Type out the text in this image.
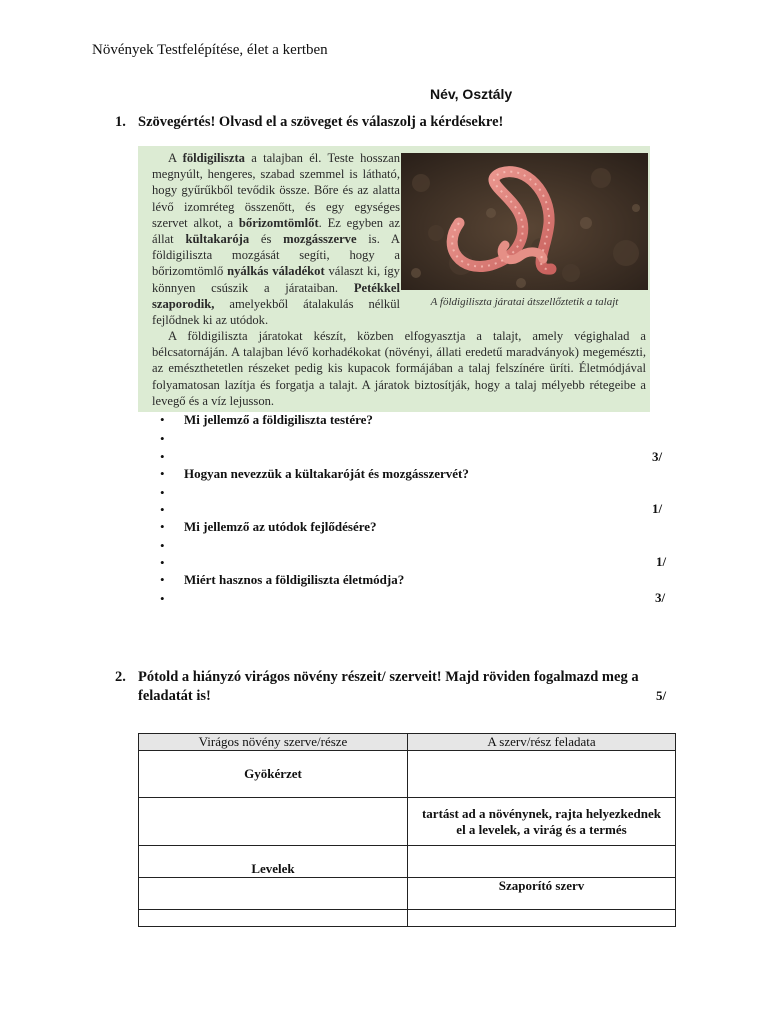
Növények Testfelépítése, élet a kertben
Név, Osztály
1. Szövegértés! Olvasd el a szöveget és válaszolj a kérdésekre!

A földigiliszta a talajban él. Teste hosszan megnyúlt, hengeres, szabad szemmel is látható, hogy gyűrűkből tevődik össze. Bőre és az alatta lévő izomréteg összenőtt, és egy egységes szervet alkot, a bőrizomtömlőt. Ez egyben az állat kültakarója és mozgásszerve is. A földigiliszta mozgását segíti, hogy a bőrizomtömlő nyálkás váladékot választ ki, így könnyen csúszik a járataiban. Petékkel szaporodik, amelyekből átalakulás nélkül fejlődnek ki az utódok.

A földigiliszta járatai átszellőztetik a talajt

A földigiliszta járatokat készít, közben elfogyasztja a talajt, amely végighalad a bélcsatornáján. A talajban lévő korhadékokat (növényi, állati eredetű maradványok) megemészti, az emészthetetlen részeket pedig kis kupacok formájában a talaj felszínére üríti. Életmódjával folyamatosan lazítja és forgatja a talajt. A járatok biztosítják, hogy a talaj mélyebb rétegeibe a levegő és a víz lejusson.

•
Mi jellemző a földigiliszta testére?
•
•
3/
•
Hogyan nevezzük a kültakaróját és mozgásszervét?
•
•
1/
•
Mi jellemző az utódok fejlődésére?
•
•
1/
•
Miért hasznos a földigiliszta életmódja?
•
3/
2. Pótold a hiányzó virágos növény részeit/ szerveit! Majd röviden fogalmazd meg a
feladatát is!	5/
Virágos növény szerve/része	A szerv/rész feladata
Gyökérzet	
	tartást ad a növénynek, rajta helyezkednek el a levelek, a virág és a termés
Levelek	
	Szaporító szerv
